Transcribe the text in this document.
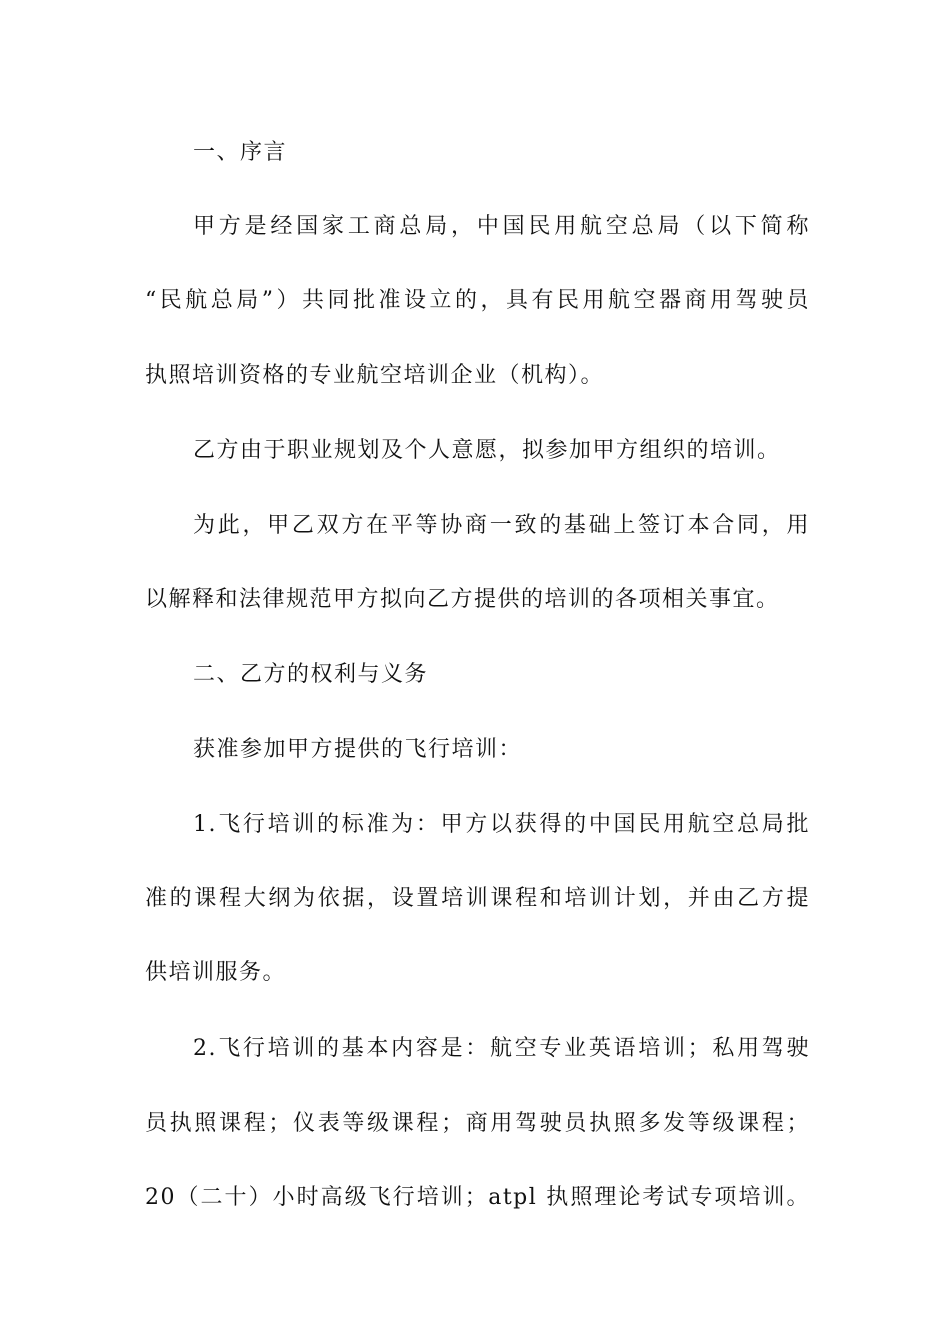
一、序言
甲方是经国家工商总局，中国民用航空总局（以下简称
“民航总局”）共同批准设立的，具有民用航空器商用驾驶员
执照培训资格的专业航空培训企业（机构）。
乙方由于职业规划及个人意愿，拟参加甲方组织的培训。
为此，甲乙双方在平等协商一致的基础上签订本合同，用
以解释和法律规范甲方拟向乙方提供的培训的各项相关事宜。
二、乙方的权利与义务
获准参加甲方提供的飞行培训：
1.飞行培训的标准为：甲方以获得的中国民用航空总局批
准的课程大纲为依据，设置培训课程和培训计划，并由乙方提
供培训服务。
2.飞行培训的基本内容是：航空专业英语培训；私用驾驶
员执照课程；仪表等级课程；商用驾驶员执照多发等级课程；
20（二十）小时高级飞行培训；atpl 执照理论考试专项培训。
